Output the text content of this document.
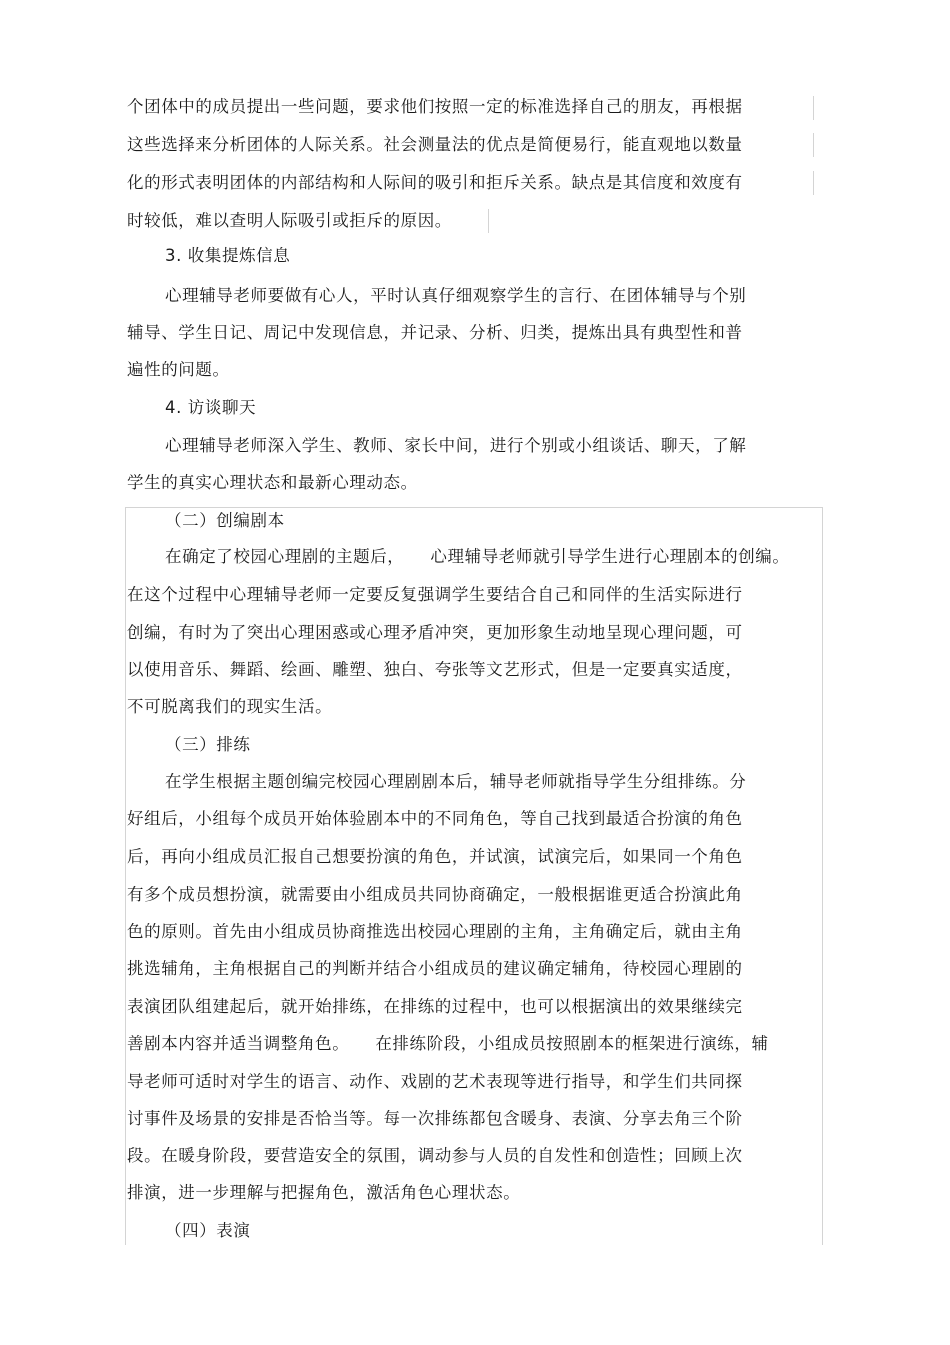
个团体中的成员提出一些问题，要求他们按照一定的标准选择自己的朋友，再根据

这些选择来分析团体的人际关系。社会测量法的优点是简便易行，能直观地以数量

化的形式表明团体的内部结构和人际间的吸引和拒斥关系。缺点是其信度和效度有

时较低，难以查明人际吸引或拒斥的原因。

3. 收集提炼信息

心理辅导老师要做有心人，平时认真仔细观察学生的言行、在团体辅导与个别

辅导、学生日记、周记中发现信息，并记录、分析、归类，提炼出具有典型性和普

遍性的问题。

4. 访谈聊天

心理辅导老师深入学生、教师、家长中间，进行个别或小组谈话、聊天，了解

学生的真实心理状态和最新心理动态。

（二）创编剧本

在确定了校园心理剧的主题后， 心理辅导老师就引导学生进行心理剧本的创编。

在这个过程中心理辅导老师一定要反复强调学生要结合自己和同伴的生活实际进行

创编，有时为了突出心理困惑或心理矛盾冲突，更加形象生动地呈现心理问题，可

以使用音乐、舞蹈、绘画、雕塑、独白、夸张等文艺形式，但是一定要真实适度，

不可脱离我们的现实生活。

（三）排练

在学生根据主题创编完校园心理剧剧本后，辅导老师就指导学生分组排练。分

好组后，小组每个成员开始体验剧本中的不同角色，等自己找到最适合扮演的角色

后，再向小组成员汇报自己想要扮演的角色，并试演，试演完后，如果同一个角色

有多个成员想扮演，就需要由小组成员共同协商确定，一般根据谁更适合扮演此角

色的原则。首先由小组成员协商推选出校园心理剧的主角，主角确定后，就由主角

挑选辅角，主角根据自己的判断并结合小组成员的建议确定辅角，待校园心理剧的

表演团队组建起后，就开始排练，在排练的过程中，也可以根据演出的效果继续完

善剧本内容并适当调整角色。 在排练阶段，小组成员按照剧本的框架进行演练，辅

导老师可适时对学生的语言、动作、戏剧的艺术表现等进行指导，和学生们共同探

讨事件及场景的安排是否恰当等。每一次排练都包含暖身、表演、分享去角三个阶

段。在暖身阶段，要营造安全的氛围，调动参与人员的自发性和创造性；回顾上次

排演，进一步理解与把握角色，激活角色心理状态。

（四）表演
